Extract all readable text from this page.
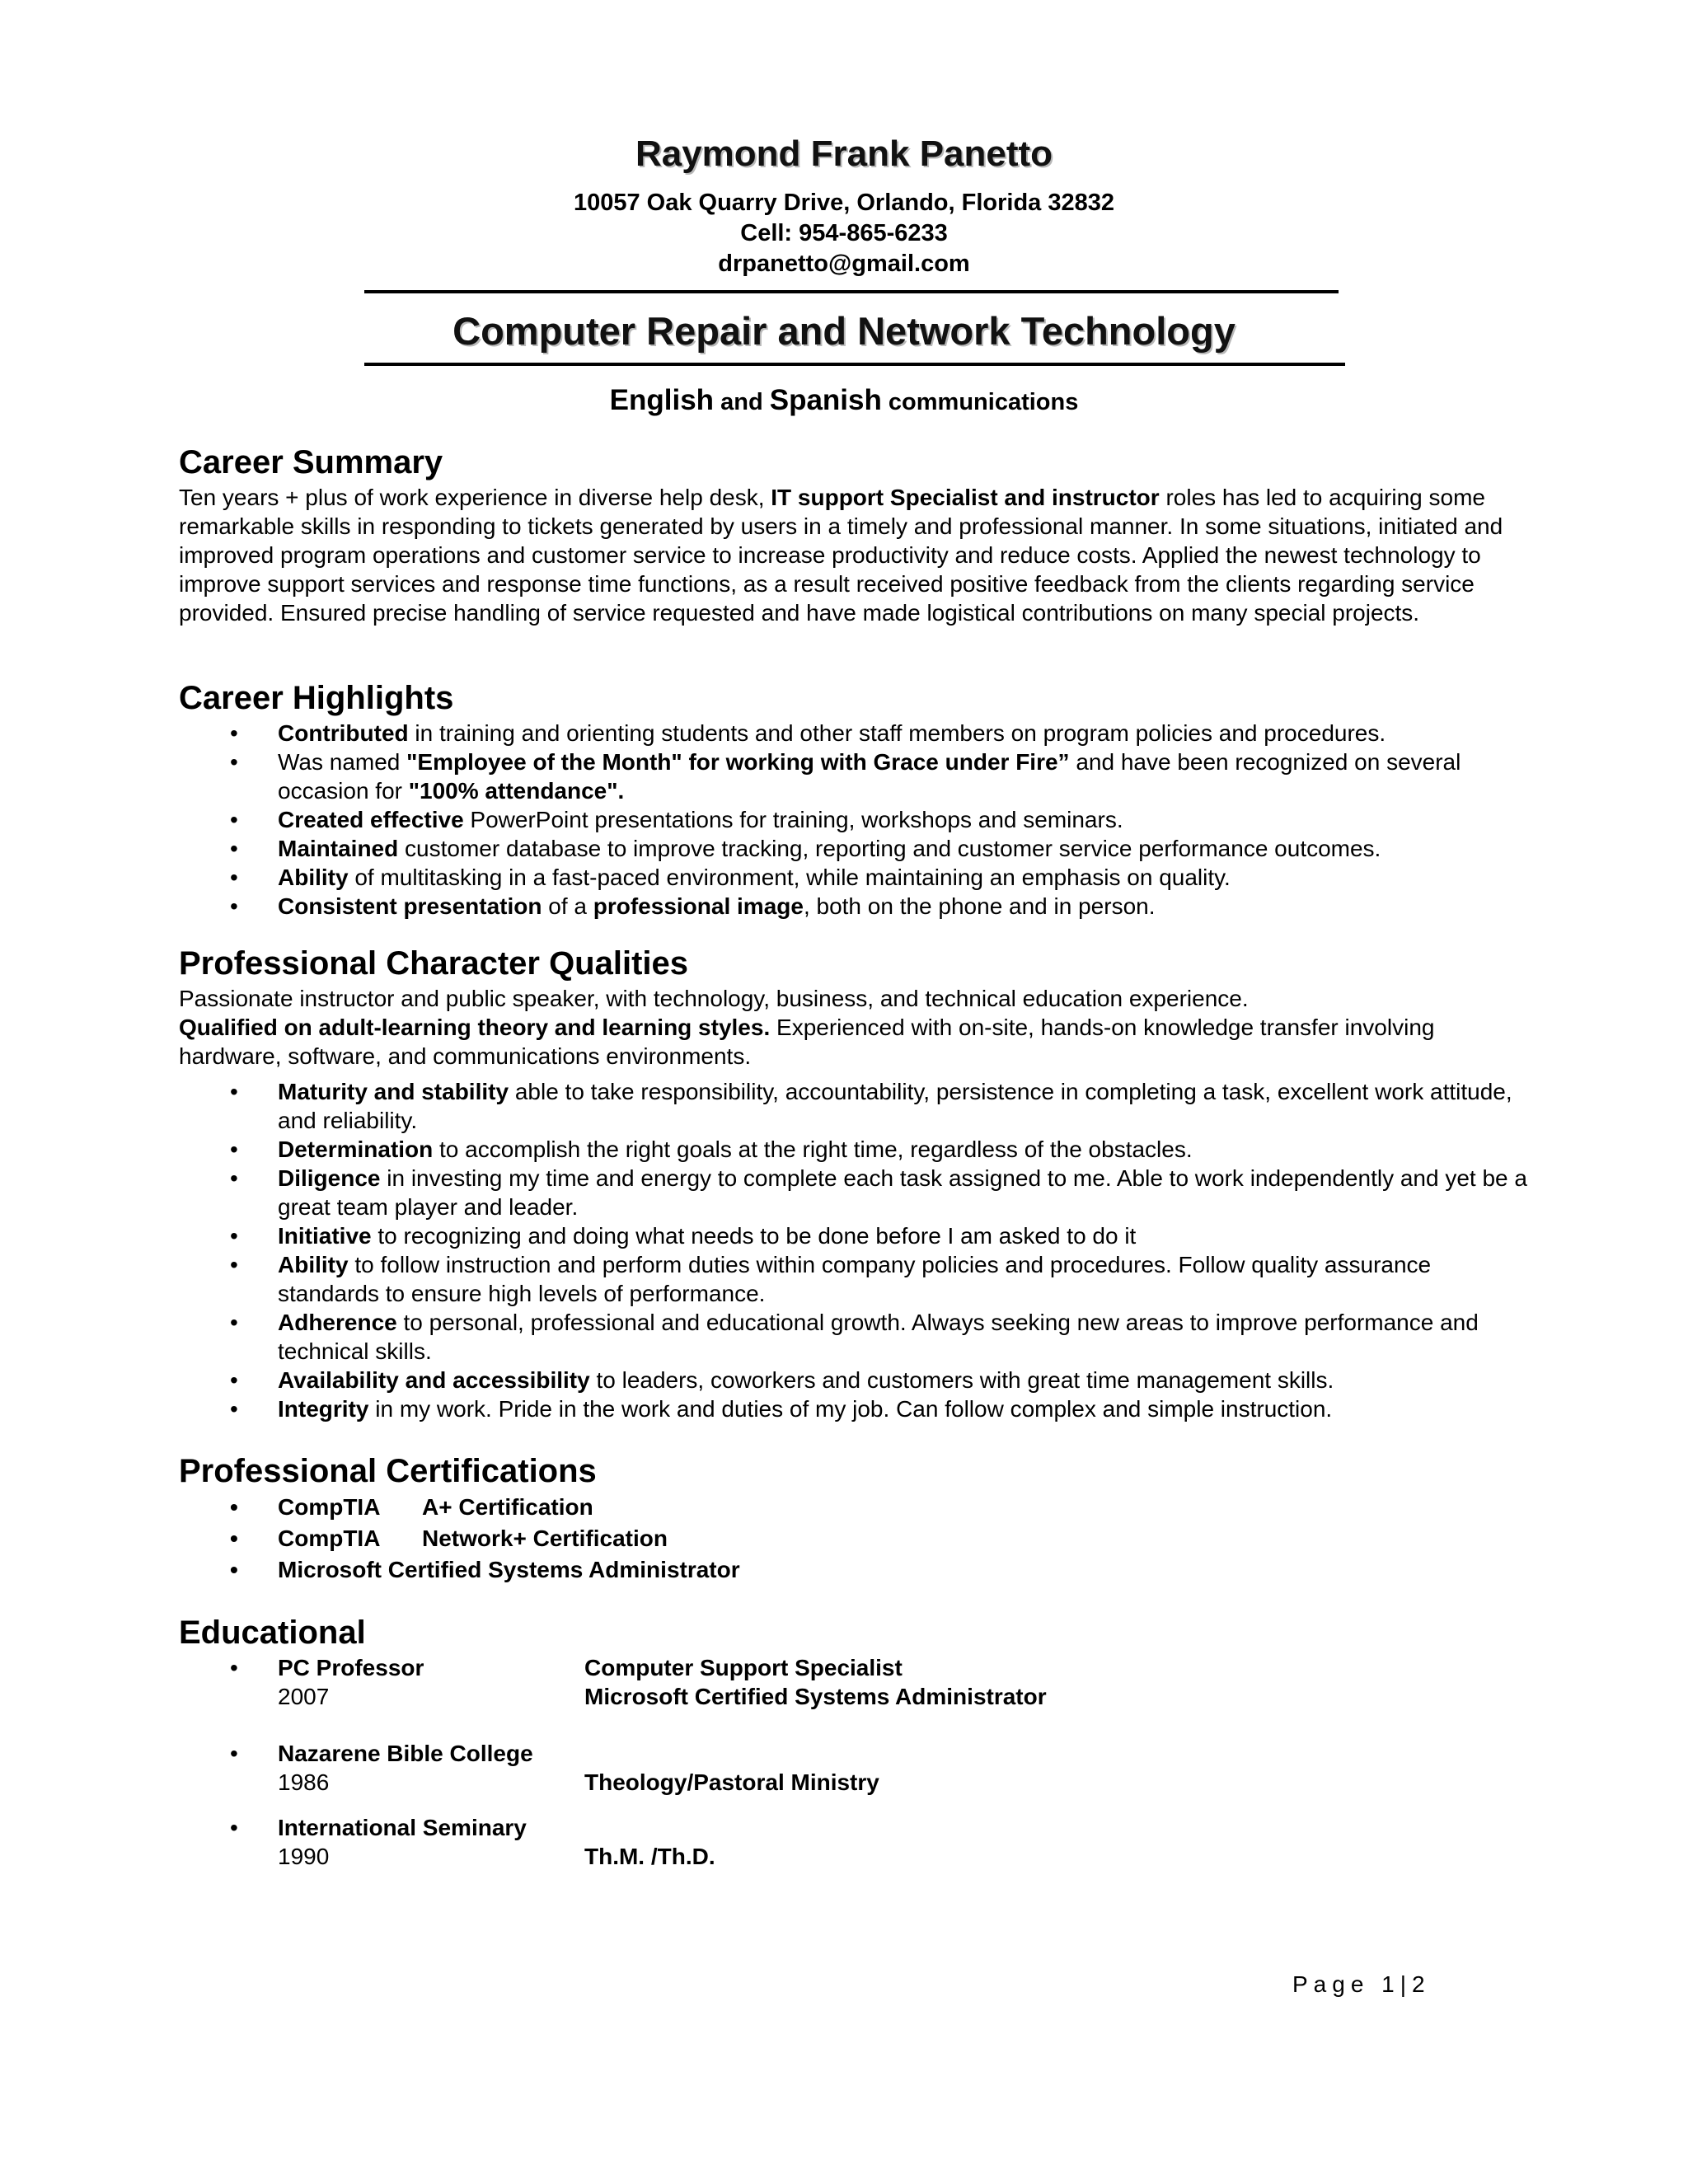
Raymond Frank Panetto
10057 Oak Quarry Drive, Orlando, Florida 32832
Cell: 954-865-6233
drpanetto@gmail.com
Computer Repair and Network Technology
English and Spanish communications
Career Summary

Ten years + plus of work experience in diverse help desk, IT support Specialist and instructor roles has led to acquiring some remarkable skills in responding to tickets generated by users in a timely and professional manner. In some situations, initiated and improved program operations and customer service to increase productivity and reduce costs. Applied the newest technology to improve support services and response time functions, as a result received positive feedback from the clients regarding service provided. Ensured precise handling of service requested and have made logistical contributions on many special projects.

Career Highlights
• Contributed in training and orienting students and other staff members on program policies and procedures.
• Was named "Employee of the Month" for working with Grace under Fire” and have been recognized on several occasion for "100% attendance".
• Created effective PowerPoint presentations for training, workshops and seminars.
• Maintained customer database to improve tracking, reporting and customer service performance outcomes.
• Ability of multitasking in a fast-paced environment, while maintaining an emphasis on quality.
• Consistent presentation of a professional image, both on the phone and in person.
Professional Character Qualities

Passionate instructor and public speaker, with technology, business, and technical education experience.

Qualified on adult-learning theory and learning styles. Experienced with on-site, hands-on knowledge transfer involving hardware, software, and communications environments.

• Maturity and stability able to take responsibility, accountability, persistence in completing a task, excellent work attitude, and reliability.
• Determination to accomplish the right goals at the right time, regardless of the obstacles.
• Diligence in investing my time and energy to complete each task assigned to me. Able to work independently and yet be a great team player and leader.
• Initiative to recognizing and doing what needs to be done before I am asked to do it
• Ability to follow instruction and perform duties within company policies and procedures. Follow quality assurance standards to ensure high levels of performance.
• Adherence to personal, professional and educational growth. Always seeking new areas to improve performance and technical skills.
• Availability and accessibility to leaders, coworkers and customers with great time management skills.
• Integrity in my work. Pride in the work and duties of my job. Can follow complex and simple instruction.
Professional Certifications
• CompTIA A+ Certification
• CompTIA Network+ Certification
• Microsoft Certified Systems Administrator
Educational
• PC Professor	Computer Support Specialist
2007	Microsoft Certified Systems Administrator
• Nazarene Bible College
1986	Theology/Pastoral Ministry
• International Seminary
1990	Th.M. /Th.D.
Page 1|2
